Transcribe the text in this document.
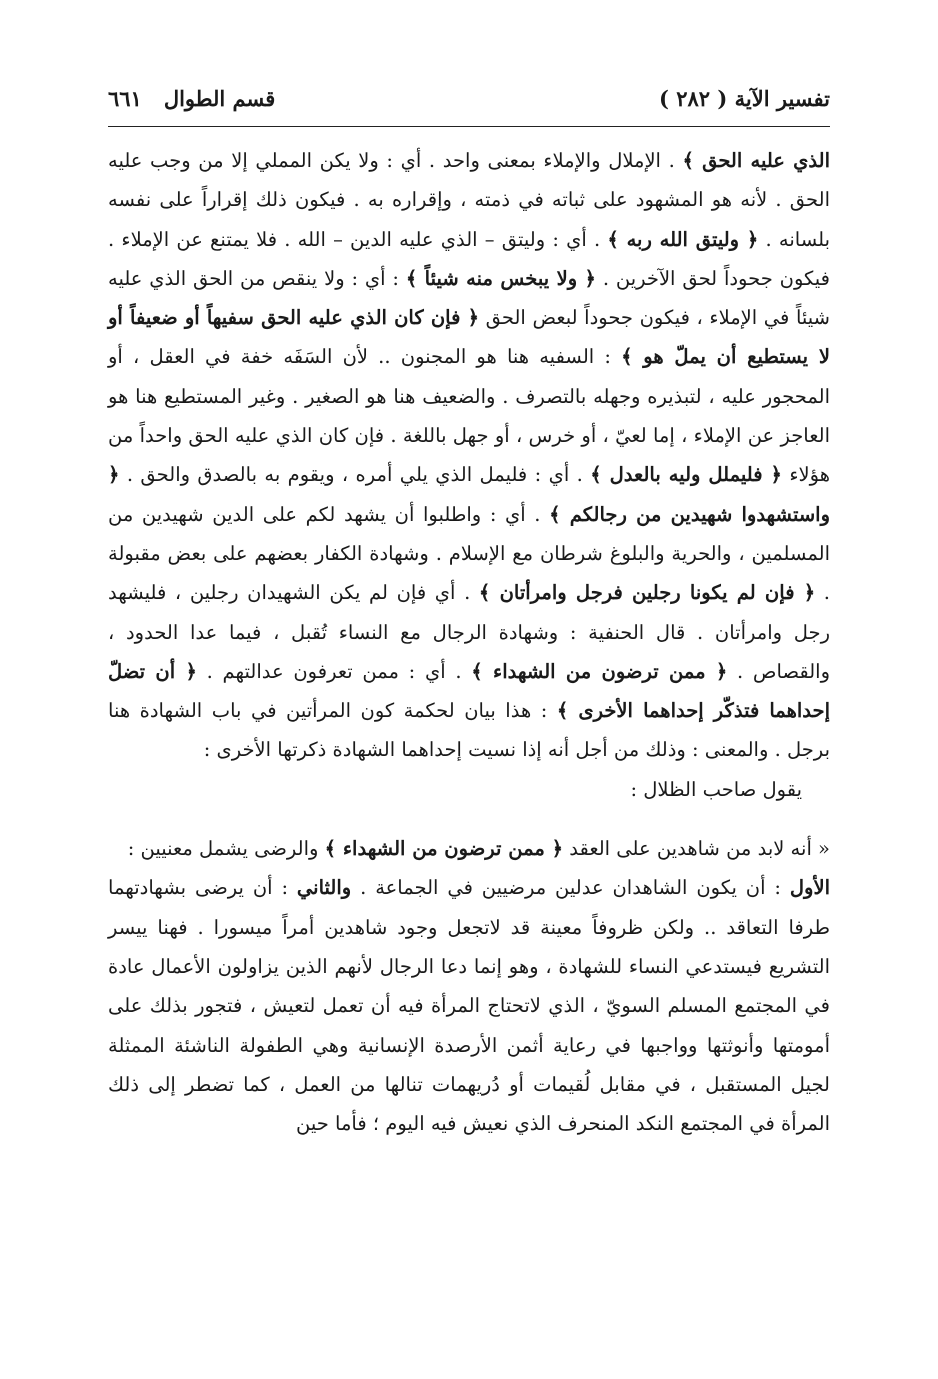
تفسير الآية ( ٢٨٢ )
قسم الطوال
٦٦١

الذي عليه الحق ﴾ . الإملال والإملاء بمعنى واحد . أي : ولا يكن المملي إلا من وجب عليه الحق . لأنه هو المشهود على ثباته في ذمته ، وإقراره به . فيكون ذلك إقراراً على نفسه بلسانه . ﴿ وليتق الله ربه ﴾ . أي : وليتق – الذي عليه الدين – الله . فلا يمتنع عن الإملاء . فيكون جحوداً لحق الآخرين . ﴿ ولا يبخس منه شيئاً ﴾ : أي : ولا ينقص من الحق الذي عليه شيئاً في الإملاء ، فيكون جحوداً لبعض الحق ﴿ فإن كان الذي عليه الحق سفيهاً أو ضعيفاً أو لا يستطيع أن يملّ هو ﴾ : السفيه هنا هو المجنون .. لأن السَفَه خفة في العقل ، أو المحجور عليه ، لتبذيره وجهله بالتصرف . والضعيف هنا هو الصغير . وغير المستطيع هنا هو العاجز عن الإملاء ، إما لعيّ ، أو خرس ، أو جهل باللغة . فإن كان الذي عليه الحق واحداً من هؤلاء ﴿ فليملل وليه بالعدل ﴾ . أي : فليمل الذي يلي أمره ، ويقوم به بالصدق والحق . ﴿ واستشهدوا شهيدين من رجالكم ﴾ . أي : واطلبوا أن يشهد لكم على الدين شهيدين من المسلمين ، والحرية والبلوغ شرطان مع الإسلام . وشهادة الكفار بعضهم على بعض مقبولة . ﴿ فإن لم يكونا رجلين فرجل وامرأتان ﴾ . أي فإن لم يكن الشهيدان رجلين ، فليشهد رجل وامرأتان . قال الحنفية : وشهادة الرجال مع النساء تُقبل ، فيما عدا الحدود ، والقصاص . ﴿ ممن ترضون من الشهداء ﴾ . أي : ممن تعرفون عدالتهم . ﴿ أن تضلّ إحداهما فتذكّر إحداهما الأخرى ﴾ : هذا بيان لحكمة كون المرأتين في باب الشهادة هنا برجل . والمعنى : وذلك من أجل أنه إذا نسيت إحداهما الشهادة ذكرتها الأخرى :

يقول صاحب الظلال :

« أنه لابد من شاهدين على العقد ﴿ ممن ترضون من الشهداء ﴾ والرضى يشمل معنيين :

الأول : أن يكون الشاهدان عدلين مرضيين في الجماعة . والثاني : أن يرضى بشهادتهما طرفا التعاقد .. ولكن ظروفاً معينة قد لاتجعل وجود شاهدين أمراً ميسورا . فهنا ييسر التشريع فيستدعي النساء للشهادة ، وهو إنما دعا الرجال لأنهم الذين يزاولون الأعمال عادة في المجتمع المسلم السويّ ، الذي لاتحتاج المرأة فيه أن تعمل لتعيش ، فتجور بذلك على أمومتها وأنوثتها وواجبها في رعاية أثمن الأرصدة الإنسانية وهي الطفولة الناشئة الممثلة لجيل المستقبل ، في مقابل لُقيمات أو دُريهمات تنالها من العمل ، كما تضطر إلى ذلك المرأة في المجتمع النكد المنحرف الذي نعيش فيه اليوم ؛ فأما حين
